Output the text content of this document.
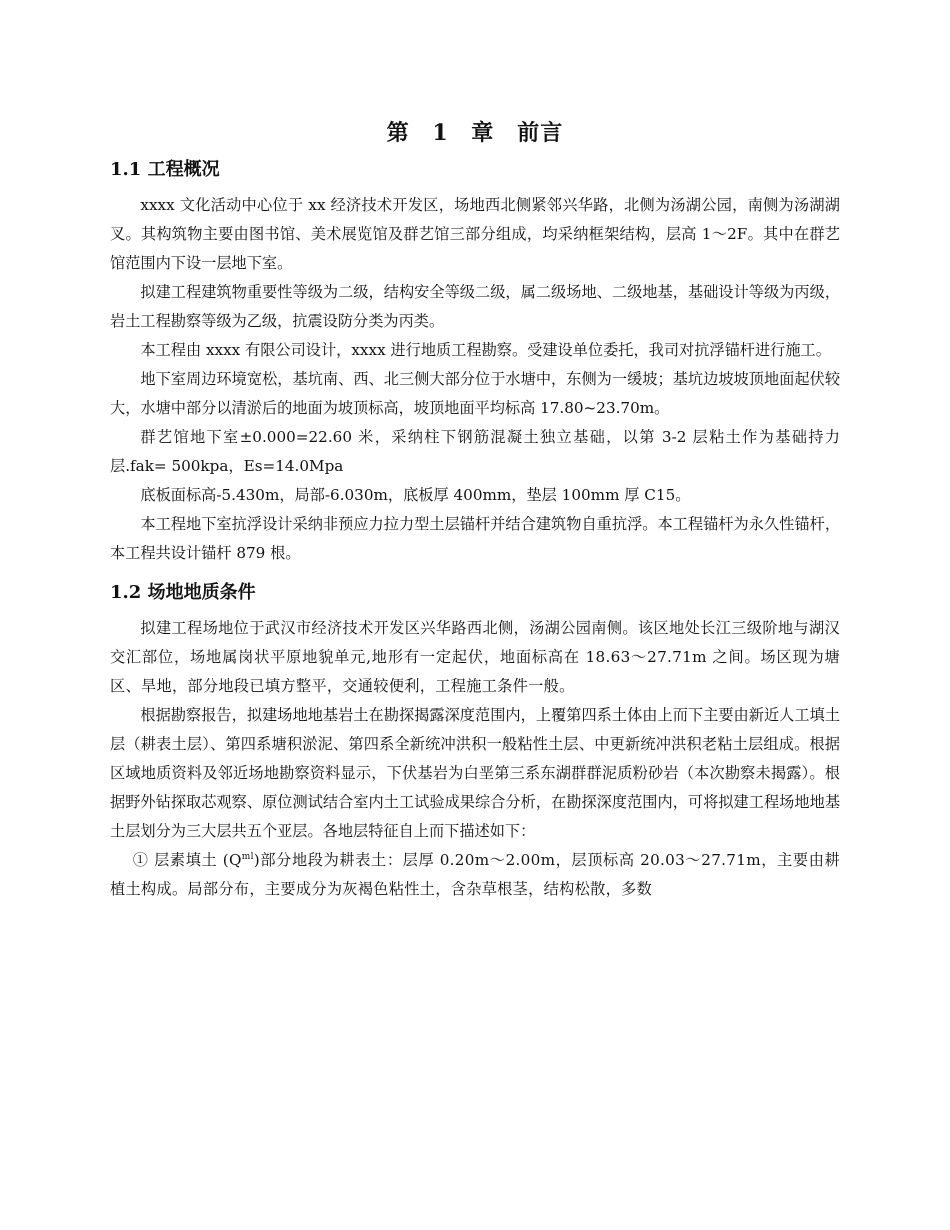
第 1 章　前言
1.1 工程概况

xxxx 文化活动中心位于 xx 经济技术开发区，场地西北侧紧邻兴华路，北侧为汤湖公园，南侧为汤湖湖叉。其构筑物主要由图书馆、美术展览馆及群艺馆三部分组成，均采纳框架结构，层高 1～2F。其中在群艺馆范围内下设一层地下室。

拟建工程建筑物重要性等级为二级，结构安全等级二级，属二级场地、二级地基，基础设计等级为丙级，岩土工程勘察等级为乙级，抗震设防分类为丙类。

本工程由 xxxx 有限公司设计，xxxx 进行地质工程勘察。受建设单位委托，我司对抗浮锚杆进行施工。

地下室周边环境宽松，基坑南、西、北三侧大部分位于水塘中，东侧为一缓坡；基坑边坡坡顶地面起伏较大，水塘中部分以清淤后的地面为坡顶标高，坡顶地面平均标高 17.80~23.70m。

群艺馆地下室±0.000=22.60 米，采纳柱下钢筋混凝土独立基础，以第 3-2 层粘土作为基础持力层.fak= 500kpa，Es=14.0Mpa

底板面标高-5.430m，局部-6.030m，底板厚 400mm，垫层 100mm 厚 C15。

本工程地下室抗浮设计采纳非预应力拉力型土层锚杆并结合建筑物自重抗浮。本工程锚杆为永久性锚杆，本工程共设计锚杆 879 根。

1.2 场地地质条件

拟建工程场地位于武汉市经济技术开发区兴华路西北侧，汤湖公园南侧。该区地处长江三级阶地与湖汉交汇部位，场地属岗状平原地貌单元,地形有一定起伏，地面标高在 18.63～27.71m 之间。场区现为塘区、旱地，部分地段已填方整平，交通较便利，工程施工条件一般。

根据勘察报告，拟建场地地基岩土在勘探揭露深度范围内，上覆第四系土体由上而下主要由新近人工填土层（耕表土层）、第四系塘积淤泥、第四系全新统冲洪积一般粘性土层、中更新统冲洪积老粘土层组成。根据区域地质资料及邻近场地勘察资料显示，下伏基岩为白垩第三系东湖群群泥质粉砂岩（本次勘察未揭露）。根据野外钻探取芯观察、原位测试结合室内土工试验成果综合分析，在勘探深度范围内，可将拟建工程场地地基土层划分为三大层共五个亚层。各地层特征自上而下描述如下：

① 层素填土 $(Q^{ml})$部分地段为耕表土：层厚 0.20m～2.00m，层顶标高 20.03～27.71m，主要由耕植土构成。局部分布，主要成分为灰褐色粘性土，含杂草根茎，结构松散，多数
